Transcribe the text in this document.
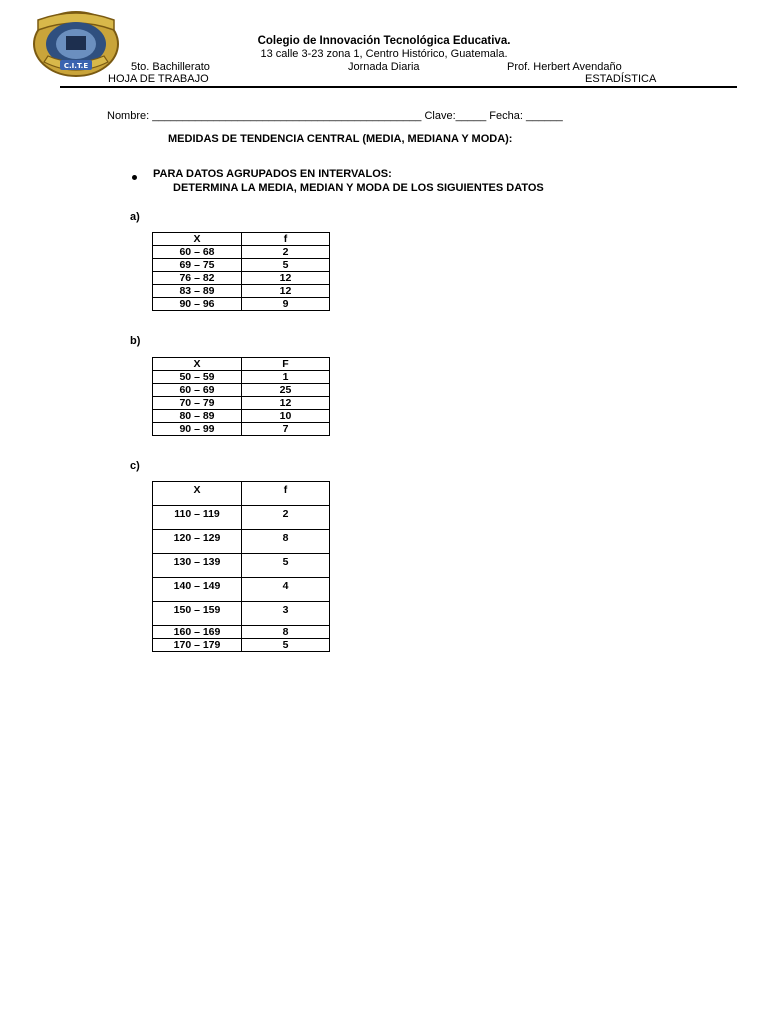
C.I.T.E
Colegio de Innovación Tecnológica Educativa.
13 calle 3-23 zona 1, Centro Histórico, Guatemala.
5to. Bachillerato	Jornada Diaria	Prof. Herbert Avendaño
HOJA DE TRABAJO	ESTADÍSTICA
Nombre: ____________________________________________ Clave:_____ Fecha: ______
MEDIDAS DE TENDENCIA CENTRAL (MEDIA, MEDIANA Y MODA):
PARA DATOS AGRUPADOS EN INTERVALOS:
DETERMINA LA MEDIA, MEDIAN Y MODA DE LOS SIGUIENTES DATOS
a)
X	f
60 – 68	2
69 – 75	5
76 – 82	12
83 – 89	12
90 – 96	9
b)
X	F
50 – 59	1
60 – 69	25
70 – 79	12
80 – 89	10
90 – 99	7
c)
X	f
110 – 119	2
120 – 129	8
130 – 139	5
140 – 149	4
150 – 159	3
160 – 169	8
170 – 179	5
